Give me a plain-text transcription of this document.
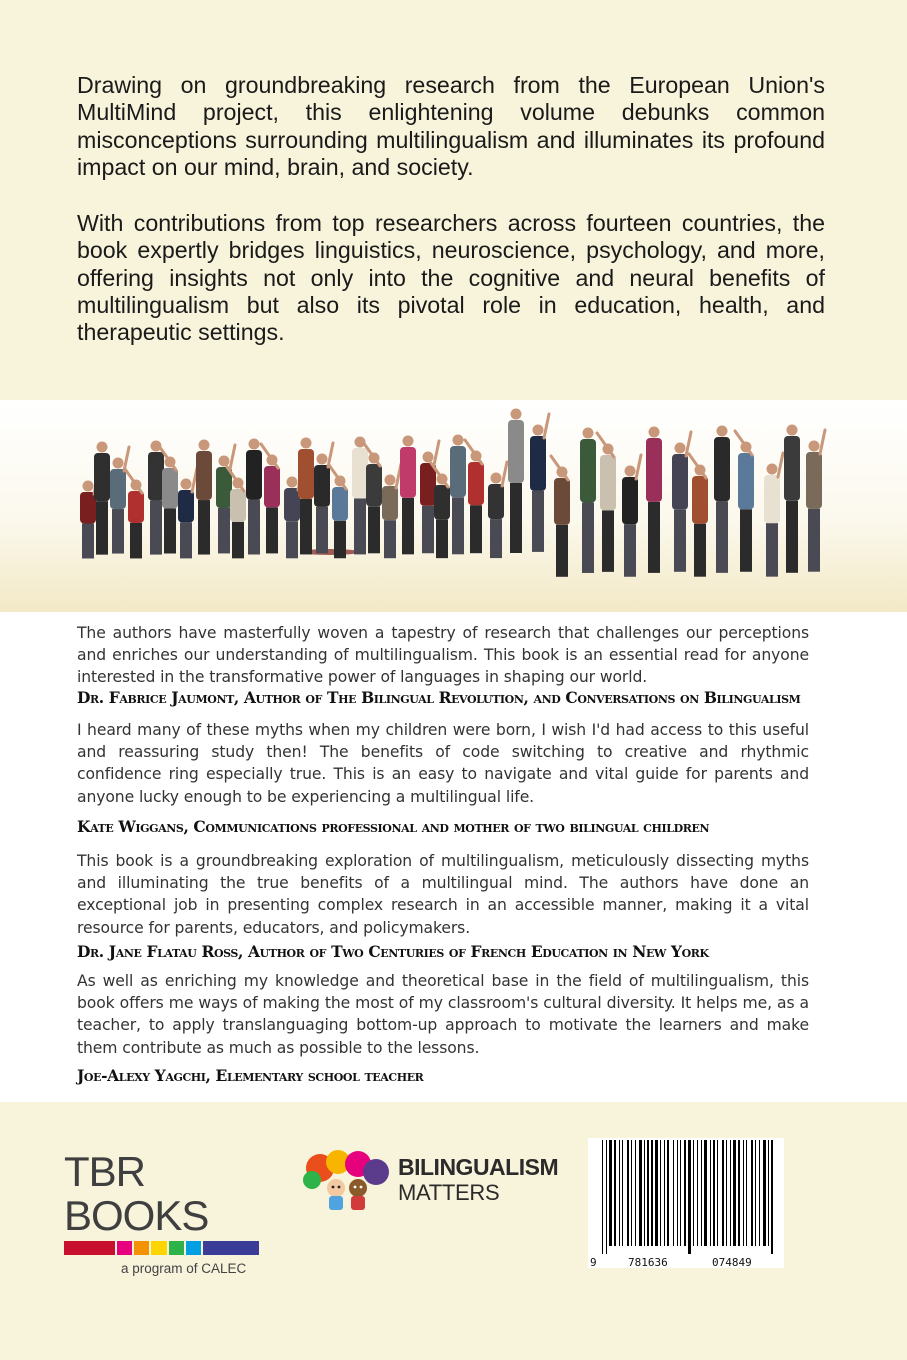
Drawing on groundbreaking research from the European Union's MultiMind project, this enlightening volume debunks common misconceptions surrounding multilingualism and illuminates its profound impact on our mind, brain, and society.

With contributions from top researchers across fourteen countries, the book expertly bridges linguistics, neuroscience, psychology, and more, offering insights not only into the cognitive and neural benefits of multilingualism but also its pivotal role in education, health, and therapeutic settings.

The authors have masterfully woven a tapestry of research that challenges our perceptions and enriches our understanding of multilingualism. This book is an essential read for anyone interested in the transformative power of languages in shaping our world.

Dr. Fabrice Jaumont, Author of The Bilingual Revolution, and Conversations on Bilingualism

I heard many of these myths when my children were born, I wish I'd had access to this useful and reassuring study then! The benefits of code switching to creative and rhythmic confidence ring especially true. This is an easy to navigate and vital guide for parents and anyone lucky enough to be experiencing a multilingual life.

Kate Wiggans, Communications professional and mother of two bilingual children

This book is a groundbreaking exploration of multilingualism, meticulously dissecting myths and illuminating the true benefits of a multilingual mind. The authors have done an exceptional job in presenting complex research in an accessible manner, making it a vital resource for parents, educators, and policymakers.

Dr. Jane Flatau Ross, Author of Two Centuries of French Education in New York

As well as enriching my knowledge and theoretical base in the field of multilingualism, this book offers me ways of making the most of my classroom's cultural diversity. It helps me, as a teacher, to apply translanguaging bottom-up approach to motivate the learners and make them contribute as much as possible to the lessons.

Joe-Alexy Yagchi, Elementary school teacher

TBR BOOKS
a program of CALEC
BILINGUALISM
MATTERS
9	781636	074849
